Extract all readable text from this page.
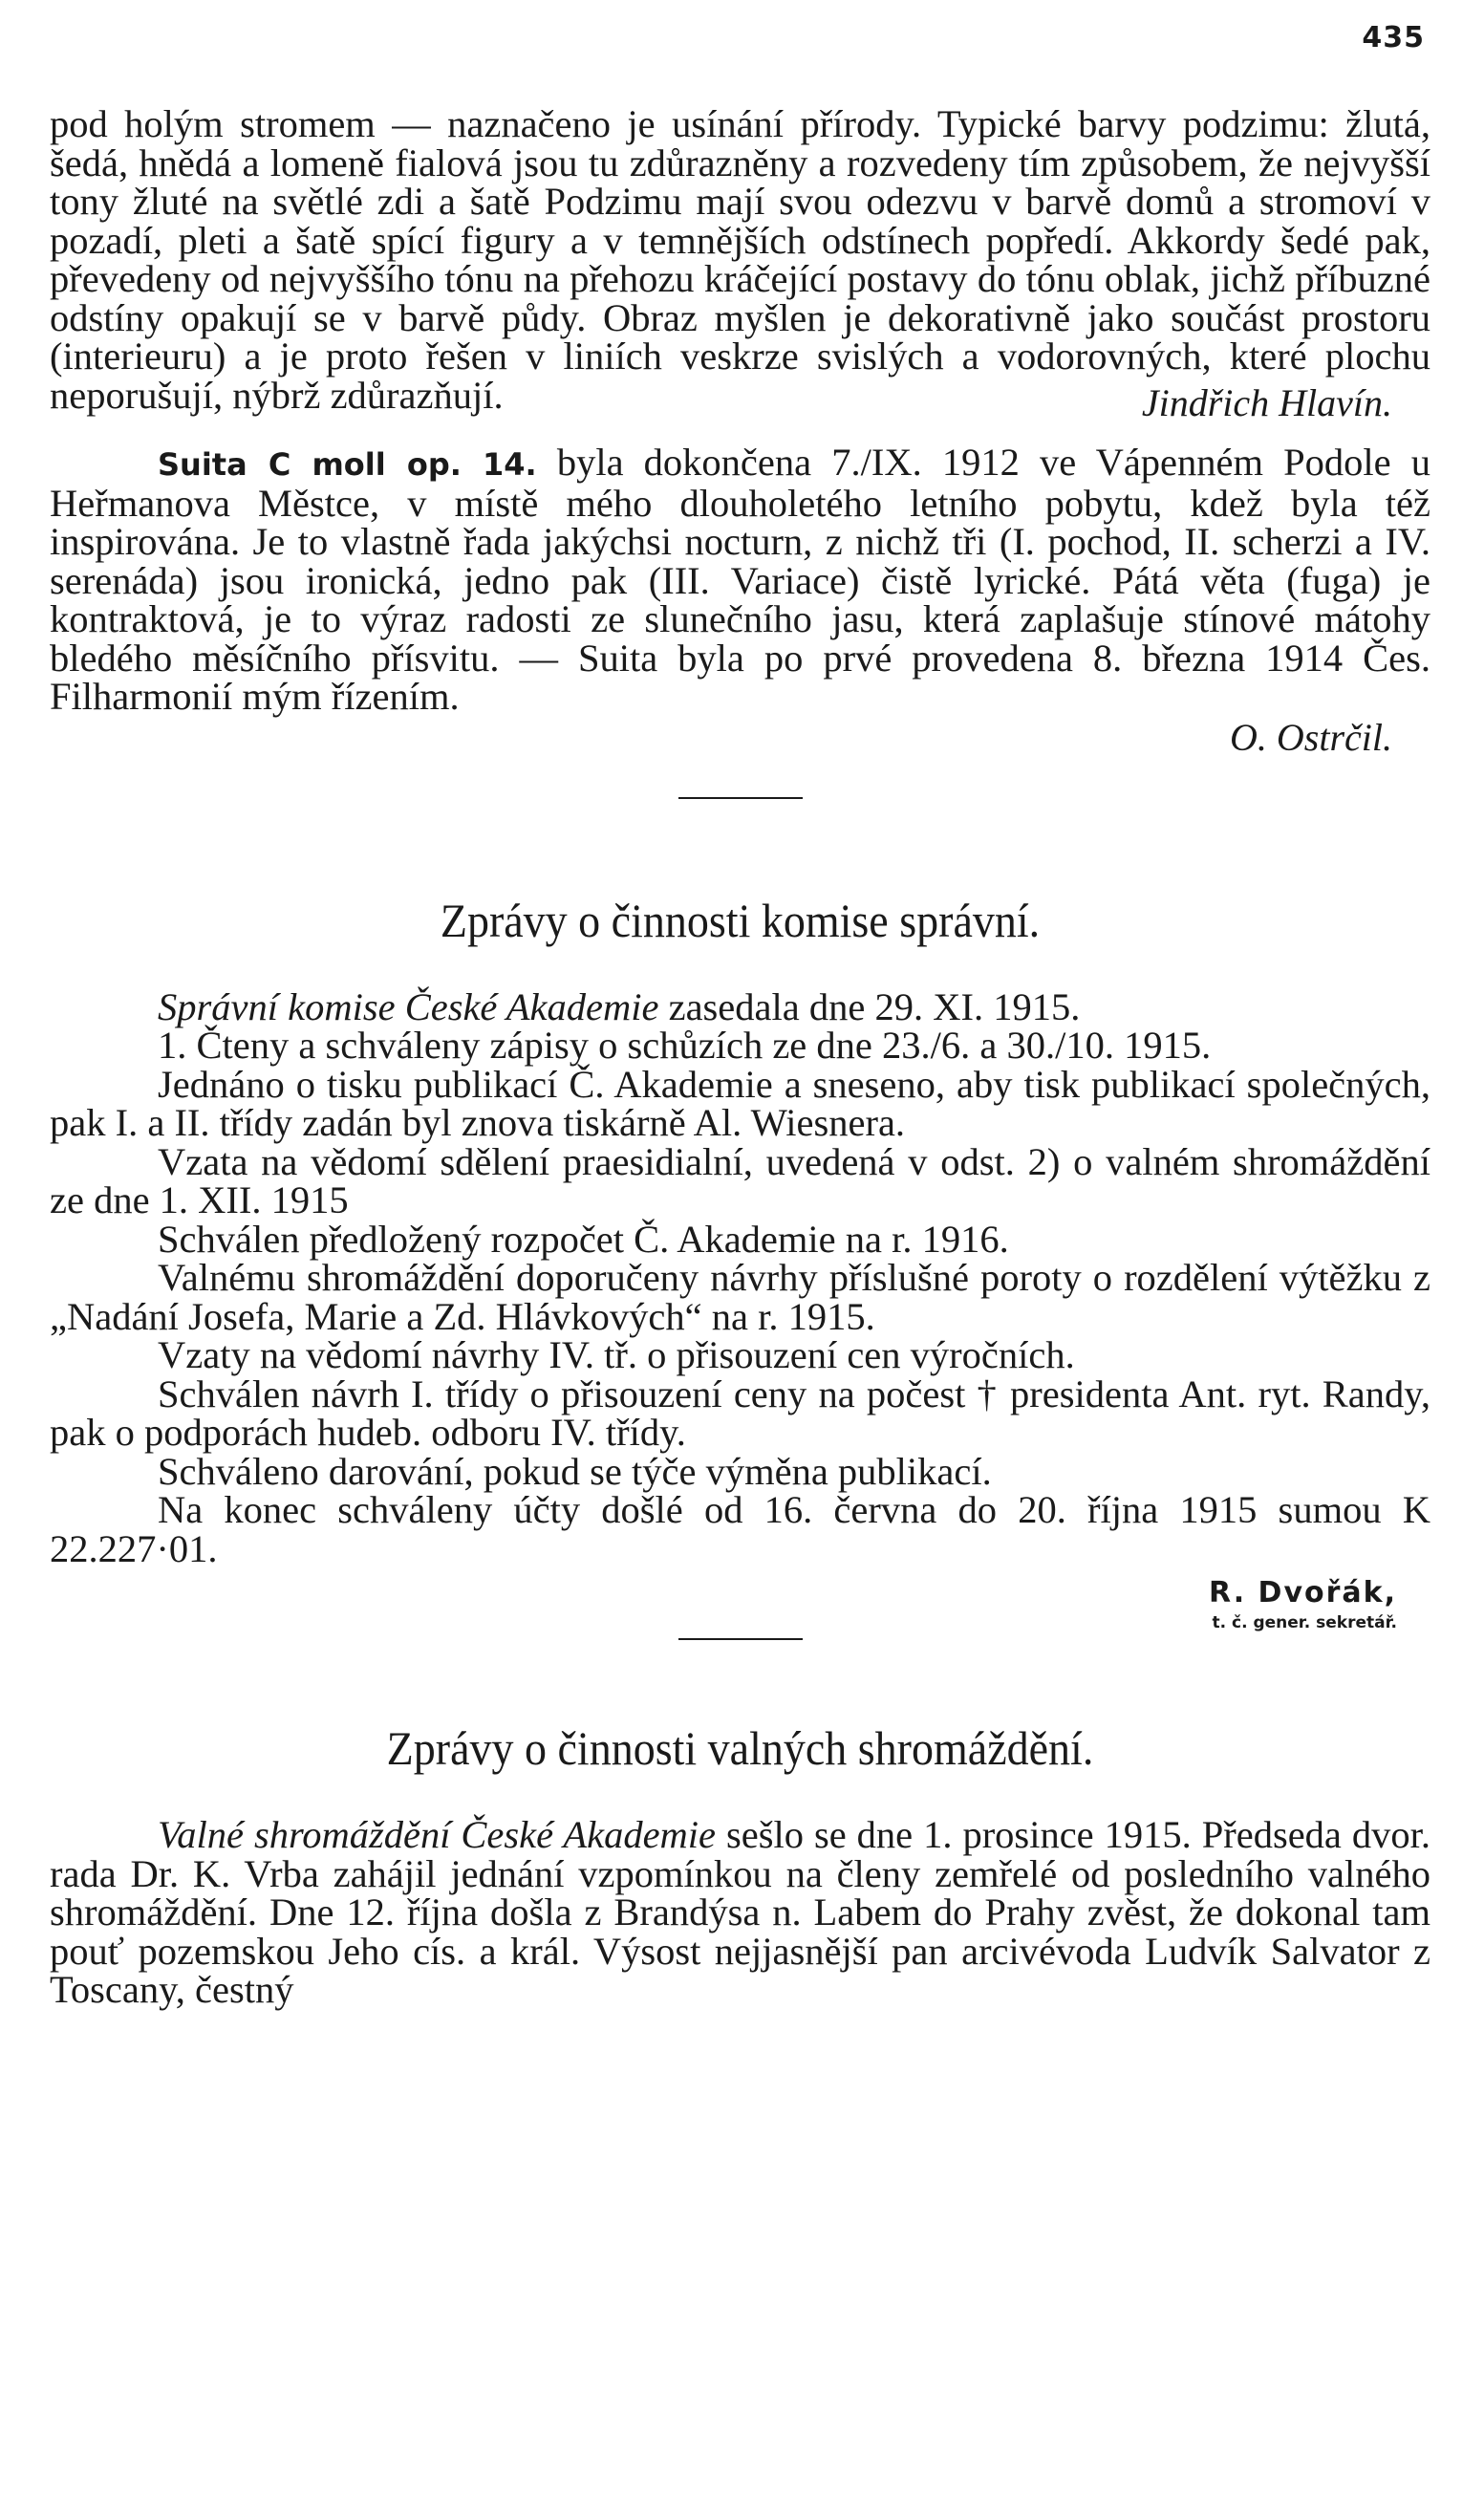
435

pod holým stromem — naznačeno je usínání přírody. Typické barvy podzimu: žlutá, šedá, hnědá a lomeně fialová jsou tu zdůrazněny a rozvedeny tím způsobem, že nejvyšší tony žluté na světlé zdi a šatě Podzimu mají svou odezvu v barvě domů a stromoví v pozadí, pleti a šatě spící figury a v temnějších odstínech popředí. Akkordy šedé pak, převedeny od nejvyššího tónu na přehozu kráčející postavy do tónu oblak, jichž příbuzné odstíny opakují se v barvě půdy. Obraz myšlen je dekorativně jako součást prostoru (interieuru) a je proto řešen v liniích veskrze svislých a vodorovných, které plochu neporušují, nýbrž zdůrazňují.	Jindřich Hlavín.

Suita C moll op. 14. byla dokončena 7./IX. 1912 ve Vápenném Podole u Heřmanova Městce, v místě mého dlouholetého letního pobytu, kdež byla též inspirována. Je to vlastně řada jakýchsi nocturn, z nichž tři (I. pochod, II. scherzi a IV. serenáda) jsou ironická, jedno pak (III. Variace) čistě lyrické. Pátá věta (fuga) je kontraktová, je to výraz radosti ze slunečního jasu, která zaplašuje stínové mátohy bledého měsíčního přísvitu. — Suita byla po prvé provedena 8. března 1914 Čes. Filharmonií mým řízením.

O. Ostrčil.

Zprávy o činnosti komise správní.

Správní komise České Akademie zasedala dne 29. XI. 1915.

1. Čteny a schváleny zápisy o schůzích ze dne 23./6. a 30./10. 1915.

Jednáno o tisku publikací Č. Akademie a sneseno, aby tisk publikací společných, pak I. a II. třídy zadán byl znova tiskárně Al. Wiesnera.

Vzata na vědomí sdělení praesidialní, uvedená v odst. 2) o valném shromáždění ze dne 1. XII. 1915

Schválen předložený rozpočet Č. Akademie na r. 1916.

Valnému shromáždění doporučeny návrhy příslušné poroty o rozdělení výtěžku z „Nadání Josefa, Marie a Zd. Hlávkových“ na r. 1915.

Vzaty na vědomí návrhy IV. tř. o přisouzení cen výročních.

Schválen návrh I. třídy o přisouzení ceny na počest † presidenta Ant. ryt. Randy, pak o podporách hudeb. odboru IV. třídy.

Schváleno darování, pokud se týče výměna publikací.

Na konec schváleny účty došlé od 16. června do 20. října 1915 sumou K 22.227·01.

R. Dvořák,
t. č. gener. sekretář.
Zprávy o činnosti valných shromáždění.

Valné shromáždění České Akademie sešlo se dne 1. prosince 1915. Předseda dvor. rada Dr. K. Vrba zahájil jednání vzpomínkou na členy zemřelé od posledního valného shromáždění. Dne 12. října došla z Brandýsa n. Labem do Prahy zvěst, že dokonal tam pouť pozemskou Jeho cís. a král. Výsost nejjasnější pan arcivévoda Ludvík Salvator z Toscany, čestný
